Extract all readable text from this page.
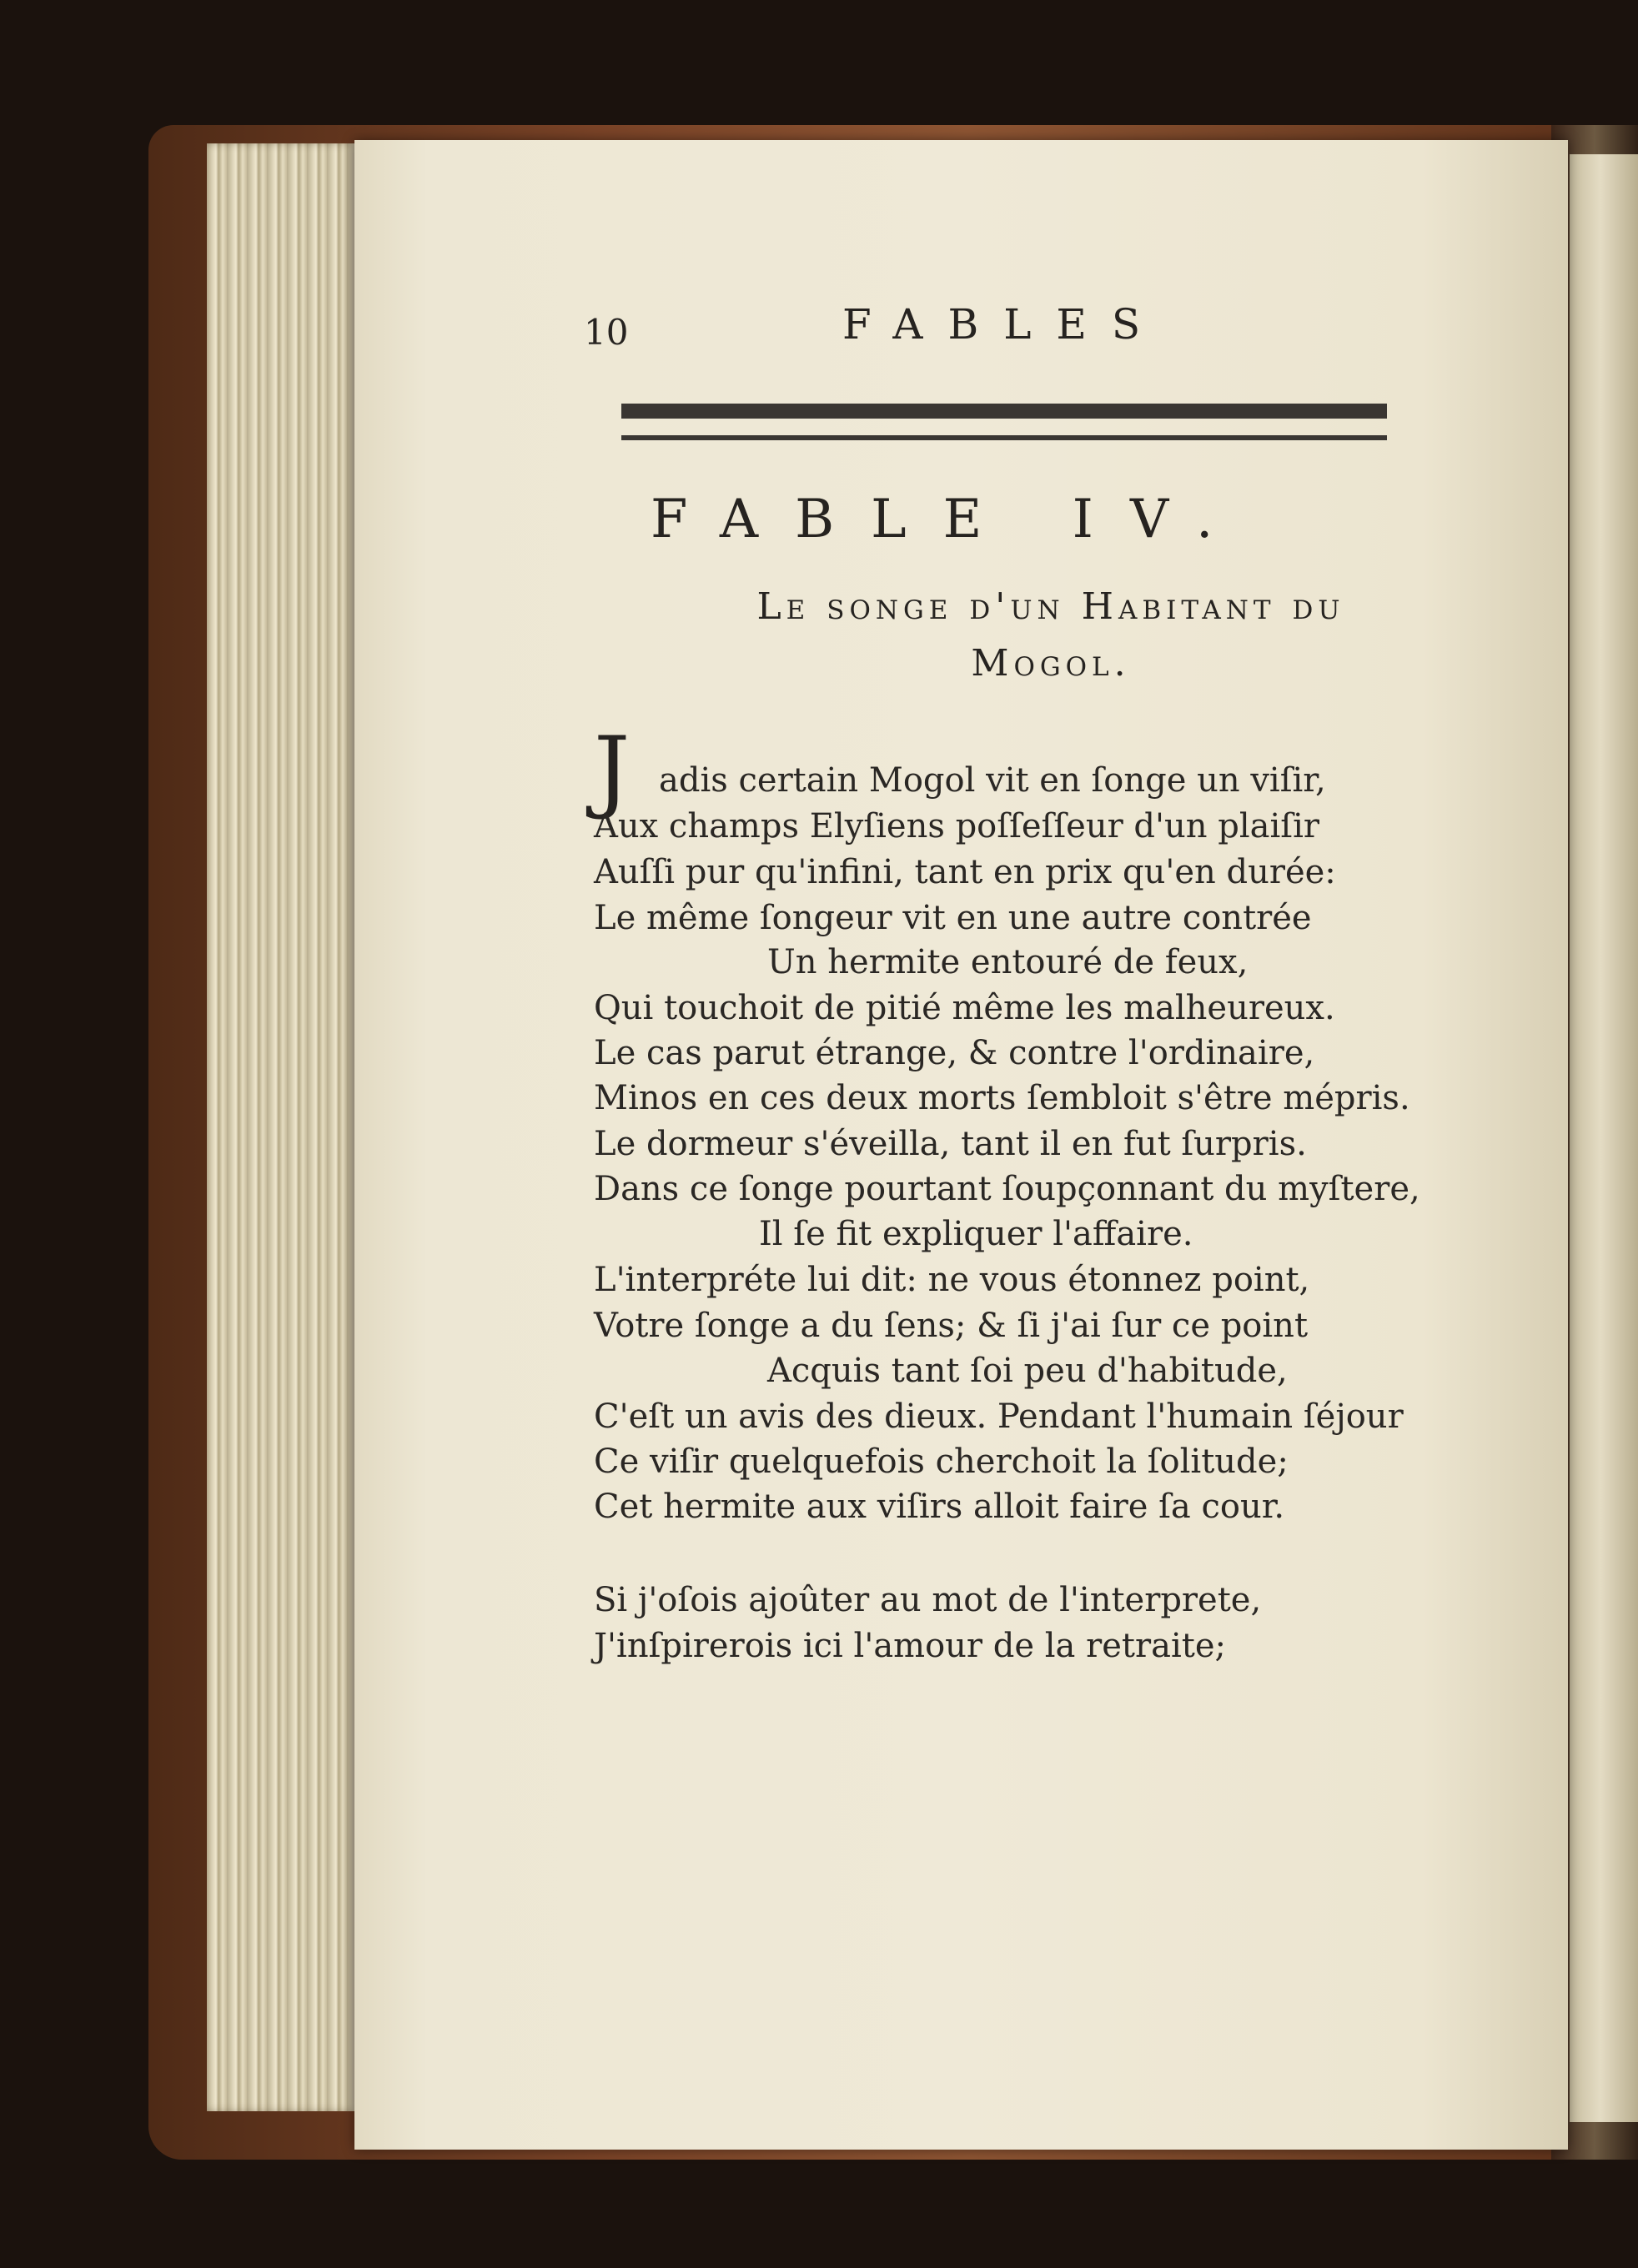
10	FABLES
FABLE IV.
Le songe d'un Habitant du
Mogol.
J adis certain Mogol vit en ſonge un viſir,
Aux champs Elyſiens poſſeſſeur d'un plaiſir
Auſſi pur qu'infini, tant en prix qu'en durée:
Le même ſongeur vit en une autre contrée
Un hermite entouré de feux,
Qui touchoit de pitié même les malheureux.
Le cas parut étrange, & contre l'ordinaire,
Minos en ces deux morts ſembloit s'être mépris.
Le dormeur s'éveilla, tant il en fut ſurpris.
Dans ce ſonge pourtant ſoupçonnant du myſtere,
Il ſe fit expliquer l'affaire.
L'interpréte lui dit: ne vous étonnez point,
Votre ſonge a du ſens; & ſi j'ai ſur ce point
Acquis tant ſoi peu d'habitude,
C'eſt un avis des dieux. Pendant l'humain ſéjour
Ce viſir quelquefois cherchoit la ſolitude;
Cet hermite aux viſirs alloit faire ſa cour.
Si j'oſois ajoûter au mot de l'interprete,
J'inſpirerois ici l'amour de la retraite;
